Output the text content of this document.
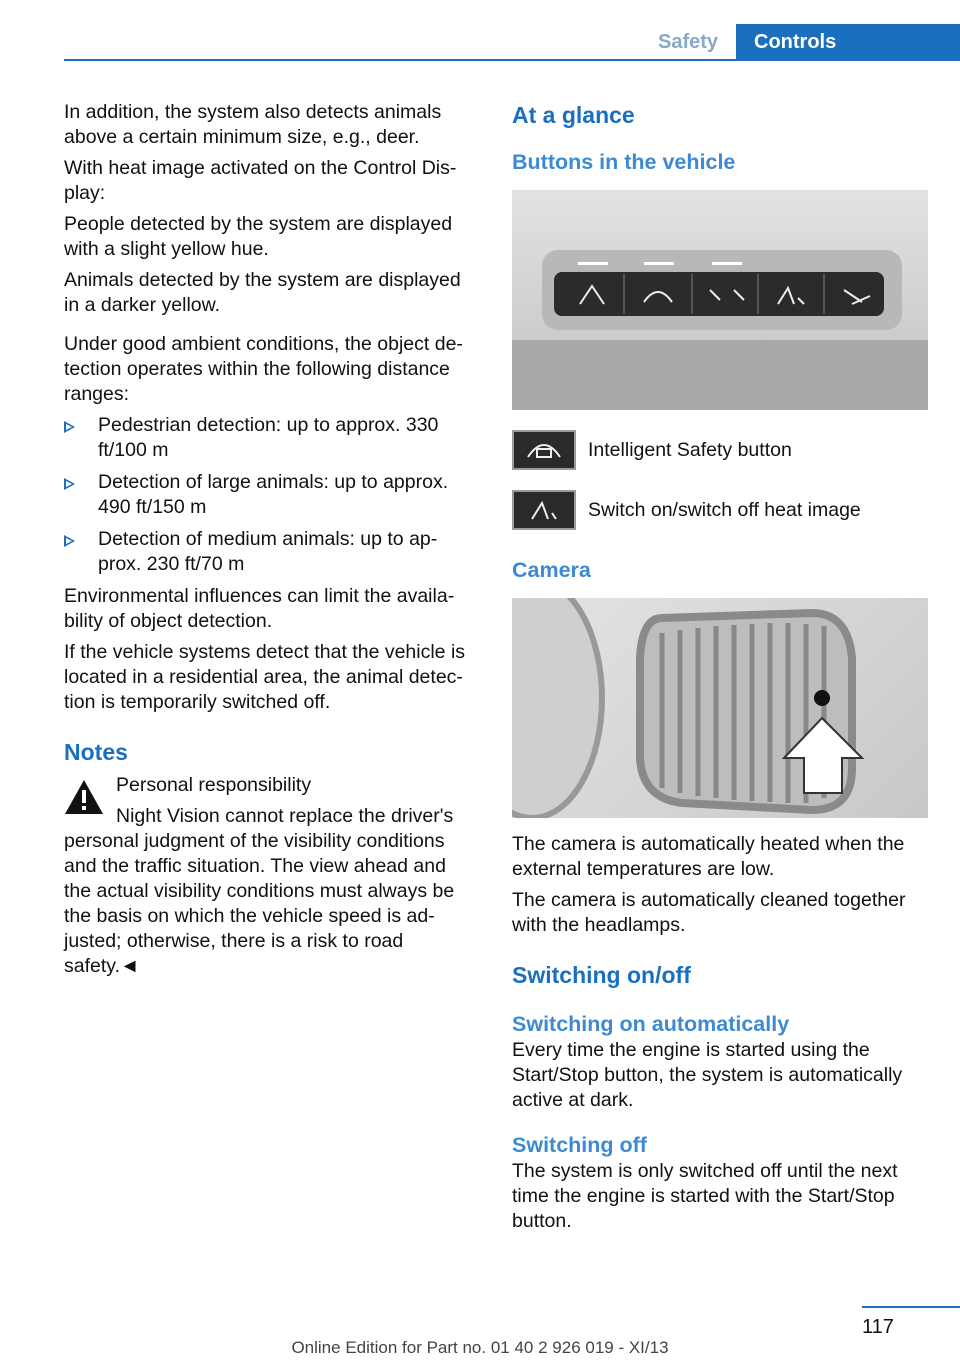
Safety	Controls

In addition, the system also detects animals above a certain minimum size, e.g., deer.

With heat image activated on the Control Dis‐play:

People detected by the system are displayed with a slight yellow hue.

Animals detected by the system are displayed in a darker yellow.

Under good ambient conditions, the object de‐tection operates within the following distance ranges:

Pedestrian detection: up to approx. 330 ft/100 m
Detection of large animals: up to approx. 490 ft/150 m
Detection of medium animals: up to ap‐prox. 230 ft/70 m

Environmental influences can limit the availa‐bility of object detection.

If the vehicle systems detect that the vehicle is located in a residential area, the animal detec‐tion is temporarily switched off.

Notes

Personal responsibility

Night Vision cannot replace the driver's personal judgment of the visibility conditions and the traffic situation. The view ahead and the actual visibility conditions must always be the basis on which the vehicle speed is ad‐justed; otherwise, there is a risk to road safety.◄

At a glance
Buttons in the vehicle
Intelligent Safety button
Switch on/switch off heat image
Camera

The camera is automatically heated when the external temperatures are low.

The camera is automatically cleaned together with the headlamps.

Switching on/off
Switching on automatically

Every time the engine is started using the Start/Stop button, the system is automatically active at dark.

Switching off

The system is only switched off until the next time the engine is started with the Start/Stop button.

117
Online Edition for Part no. 01 40 2 926 019 - XI/13
